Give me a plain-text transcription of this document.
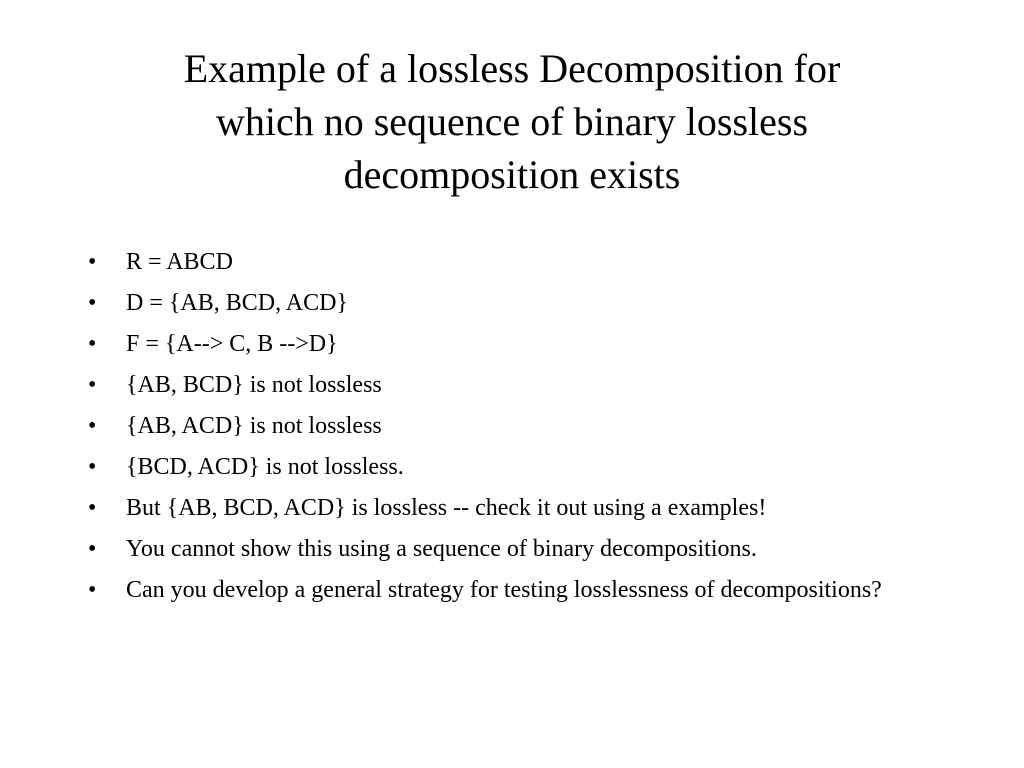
Example of a lossless Decomposition for
which no sequence of binary lossless
decomposition exists
•	R = ABCD
•	D = {AB, BCD, ACD}
•	F = {A--> C, B -->D}
•	{AB, BCD} is not lossless
•	{AB, ACD} is not lossless
•	{BCD, ACD} is not lossless.
•	But {AB, BCD, ACD} is lossless -- check it out using a examples!
•	You cannot show this using a sequence of binary decompositions.
•	Can you develop a general strategy for testing losslessness of decompositions?
